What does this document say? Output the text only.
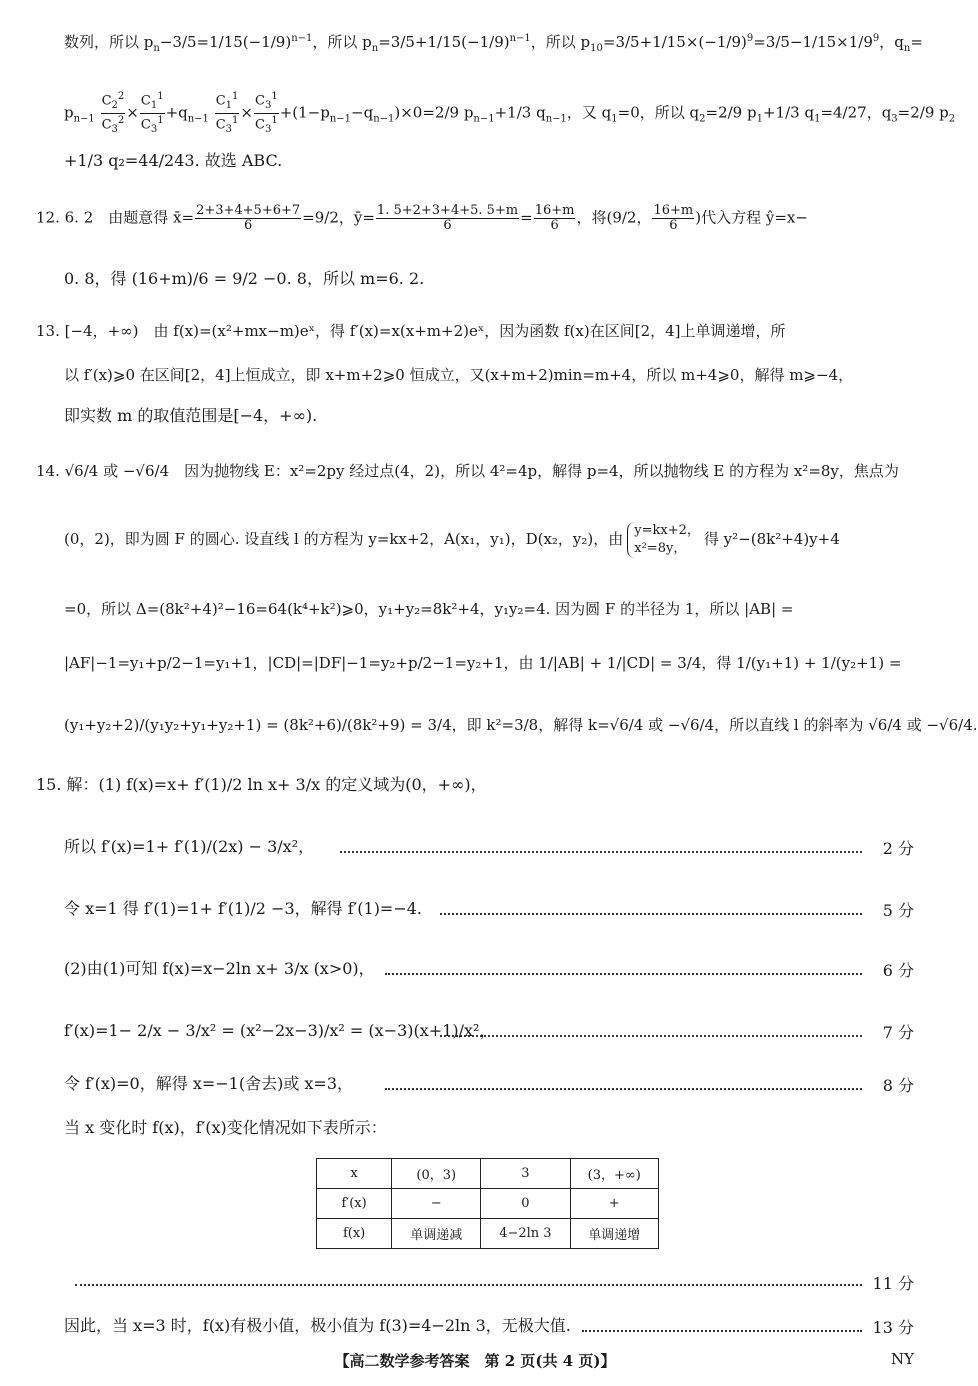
数列，所以 $p_n-3/5=1/15(-1/9)^{n-1}$，所以 $p_n=3/5+1/15(-1/9)^{n-1}$，所以 $p_{10}=3/5+1/15\times(-1/9)^9=3/5-1/15\times 1/9^9$，$q_n=$
$p_{n-1} \frac{C_2^2}{C_3^2} \times \frac{C_1^1}{C_3^1} +q_{n-1} \frac{C_1^1}{C_3^1} \times \frac{C_3^1}{C_3^1} +(1-p_{n-1}-q_{n-1})\times 0=2/9$ $p_{n-1}+1/3$ $q_{n-1}$，又 $q_1=0$，所以 $q_2=2/9$ $p_1+1/3$ $q_1=4/27$，$q_3=2/9$ $p_2$
+1/3 q₂=44/243. 故选 ABC.
12. 6. 2　 由题意得 x̄= $\frac{2+3+4+5+6+7}{6} =9/2$，ȳ= $\frac{1. 5+2+3+4+5. 5+m}{6} = \frac{16+m}{6}$ ，将(9/2， $\frac{16+m}{6}$ )代入方程 ŷ=x−
0. 8，得 (16+m)/6 = 9/2 −0. 8，所以 m=6. 2.
13. [−4，+∞)　由 f(x)=(x²+mx−m)eˣ，得 f′(x)=x(x+m+2)eˣ，因为函数 f(x)在区间[2，4]上单调递增，所
以 f′(x)⩾0 在区间[2，4]上恒成立，即 x+m+2⩾0 恒成立，又(x+m+2)min=m+4，所以 m+4⩾0，解得 m⩾−4，
即实数 m 的取值范围是[−4，+∞).
14. √6/4 或 −√6/4　因为抛物线 E：x²=2py 经过点(4，2)，所以 4²=4p，解得 p=4，所以抛物线 E 的方程为 x²=8y，焦点为
(0，2)，即为圆 F 的圆心. 设直线 l 的方程为 y=kx+2，A(x₁，y₁)，D(x₂，y₂)，由 y=kx+2，
x²=8y，
得 y²−(8k²+4)y+4
=0，所以 Δ=(8k²+4)²−16=64(k⁴+k²)⩾0，y₁+y₂=8k²+4，y₁y₂=4. 因为圆 F 的半径为 1，所以 |AB| =
|AF|−1=y₁+p/2−1=y₁+1，|CD|=|DF|−1=y₂+p/2−1=y₂+1，由 1/|AB| + 1/|CD| = 3/4，得 1/(y₁+1) + 1/(y₂+1) =
(y₁+y₂+2)/(y₁y₂+y₁+y₂+1) = (8k²+6)/(8k²+9) = 3/4，即 k²=3/8，解得 k=√6/4 或 −√6/4，所以直线 l 的斜率为 √6/4 或 −√6/4.
15. 解：(1) f(x)=x+ f′(1)/2 ln x+ 3/x 的定义域为(0，+∞)，
所以 f′(x)=1+ f′(1)/(2x) − 3/x²，	2 分
令 x=1 得 f′(1)=1+ f′(1)/2 −3，解得 f′(1)=−4.	5 分
(2)由(1)可知 f(x)=x−2ln x+ 3/x (x>0)，	6 分
f′(x)=1− 2/x − 3/x² = (x²−2x−3)/x² = (x−3)(x+1)/x²，	7 分
令 f′(x)=0，解得 x=−1(舍去)或 x=3，	8 分
当 x 变化时 f(x)，f′(x)变化情况如下表所示：
x	(0，3)	3	(3，+∞)
f′(x)	−	0	+
f(x)	单调递减	4−2ln 3	单调递增
11 分
因此，当 x=3 时，f(x)有极小值，极小值为 f(3)=4−2ln 3，无极大值.	13 分
【高二数学参考答案　第 2 页(共 4 页)】	NY
